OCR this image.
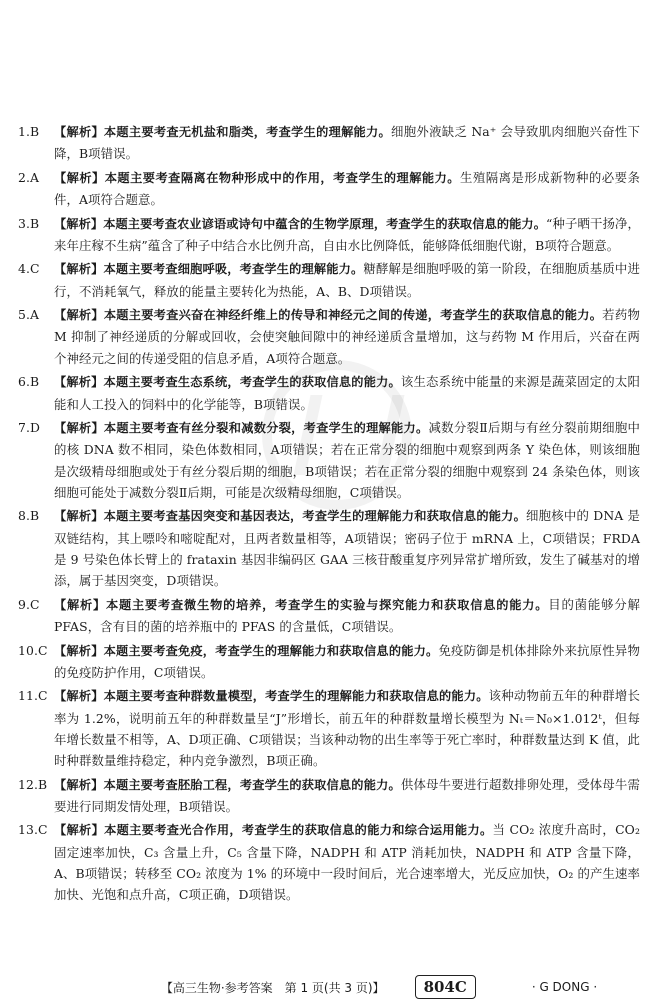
1.B 【解析】本题主要考查无机盐和脂类，考查学生的理解能力。细胞外液缺乏 Na⁺ 会导致肌肉细胞兴奋性下降，B项错误。
2.A 【解析】本题主要考查隔离在物种形成中的作用，考查学生的理解能力。生殖隔离是形成新物种的必要条件，A项符合题意。
3.B 【解析】本题主要考查农业谚语或诗句中蕴含的生物学原理，考查学生的获取信息的能力。“种子晒干扬净，来年庄稼不生病”蕴含了种子中结合水比例升高，自由水比例降低，能够降低细胞代谢，B项符合题意。
4.C 【解析】本题主要考查细胞呼吸，考查学生的理解能力。糖酵解是细胞呼吸的第一阶段，在细胞质基质中进行，不消耗氧气，释放的能量主要转化为热能，A、B、D项错误。
5.A 【解析】本题主要考查兴奋在神经纤维上的传导和神经元之间的传递，考查学生的获取信息的能力。若药物 M 抑制了神经递质的分解或回收，会使突触间隙中的神经递质含量增加，这与药物 M 作用后，兴奋在两个神经元之间的传递受阻的信息矛盾，A项符合题意。
6.B 【解析】本题主要考查生态系统，考查学生的获取信息的能力。该生态系统中能量的来源是蔬菜固定的太阳能和人工投入的饲料中的化学能等，B项错误。
7.D 【解析】本题主要考查有丝分裂和减数分裂，考查学生的理解能力。减数分裂Ⅱ后期与有丝分裂前期细胞中的核 DNA 数不相同，染色体数相同，A项错误；若在正常分裂的细胞中观察到两条 Y 染色体，则该细胞是次级精母细胞或处于有丝分裂后期的细胞，B项错误；若在正常分裂的细胞中观察到 24 条染色体，则该细胞可能处于减数分裂Ⅱ后期，可能是次级精母细胞，C项错误。
8.B 【解析】本题主要考查基因突变和基因表达，考查学生的理解能力和获取信息的能力。细胞核中的 DNA 是双链结构，其上嘌呤和嘧啶配对，且两者数量相等，A项错误；密码子位于 mRNA 上，C项错误；FRDA 是 9 号染色体长臂上的 frataxin 基因非编码区 GAA 三核苷酸重复序列异常扩增所致，发生了碱基对的增添，属于基因突变，D项错误。
9.C 【解析】本题主要考查微生物的培养，考查学生的实验与探究能力和获取信息的能力。目的菌能够分解 PFAS，含有目的菌的培养瓶中的 PFAS 的含量低，C项错误。
10.C 【解析】本题主要考查免疫，考查学生的理解能力和获取信息的能力。免疫防御是机体排除外来抗原性异物的免疫防护作用，C项错误。
11.C 【解析】本题主要考查种群数量模型，考查学生的理解能力和获取信息的能力。该种动物前五年的种群增长率为 1.2%，说明前五年的种群数量呈“J”形增长，前五年的种群数量增长模型为 Nₜ＝N₀×1.012ᵗ，但每年增长数量不相等，A、D项正确、C项错误；当该种动物的出生率等于死亡率时，种群数量达到 K 值，此时种群数量维持稳定，种内竞争激烈，B项正确。
12.B 【解析】本题主要考查胚胎工程，考查学生的获取信息的能力。供体母牛要进行超数排卵处理，受体母牛需要进行同期发情处理，B项错误。
13.C 【解析】本题主要考查光合作用，考查学生的获取信息的能力和综合运用能力。当 CO₂ 浓度升高时，CO₂ 固定速率加快，C₃ 含量上升，C₅ 含量下降，NADPH 和 ATP 消耗加快，NADPH 和 ATP 含量下降，A、B项错误；转移至 CO₂ 浓度为 1% 的环境中一段时间后，光合速率增大，光反应加快，O₂ 的产生速率加快、光饱和点升高，C项正确，D项错误。
【高三生物·参考答案　第 1 页(共 3 页)】	804C	· G DONG ·
